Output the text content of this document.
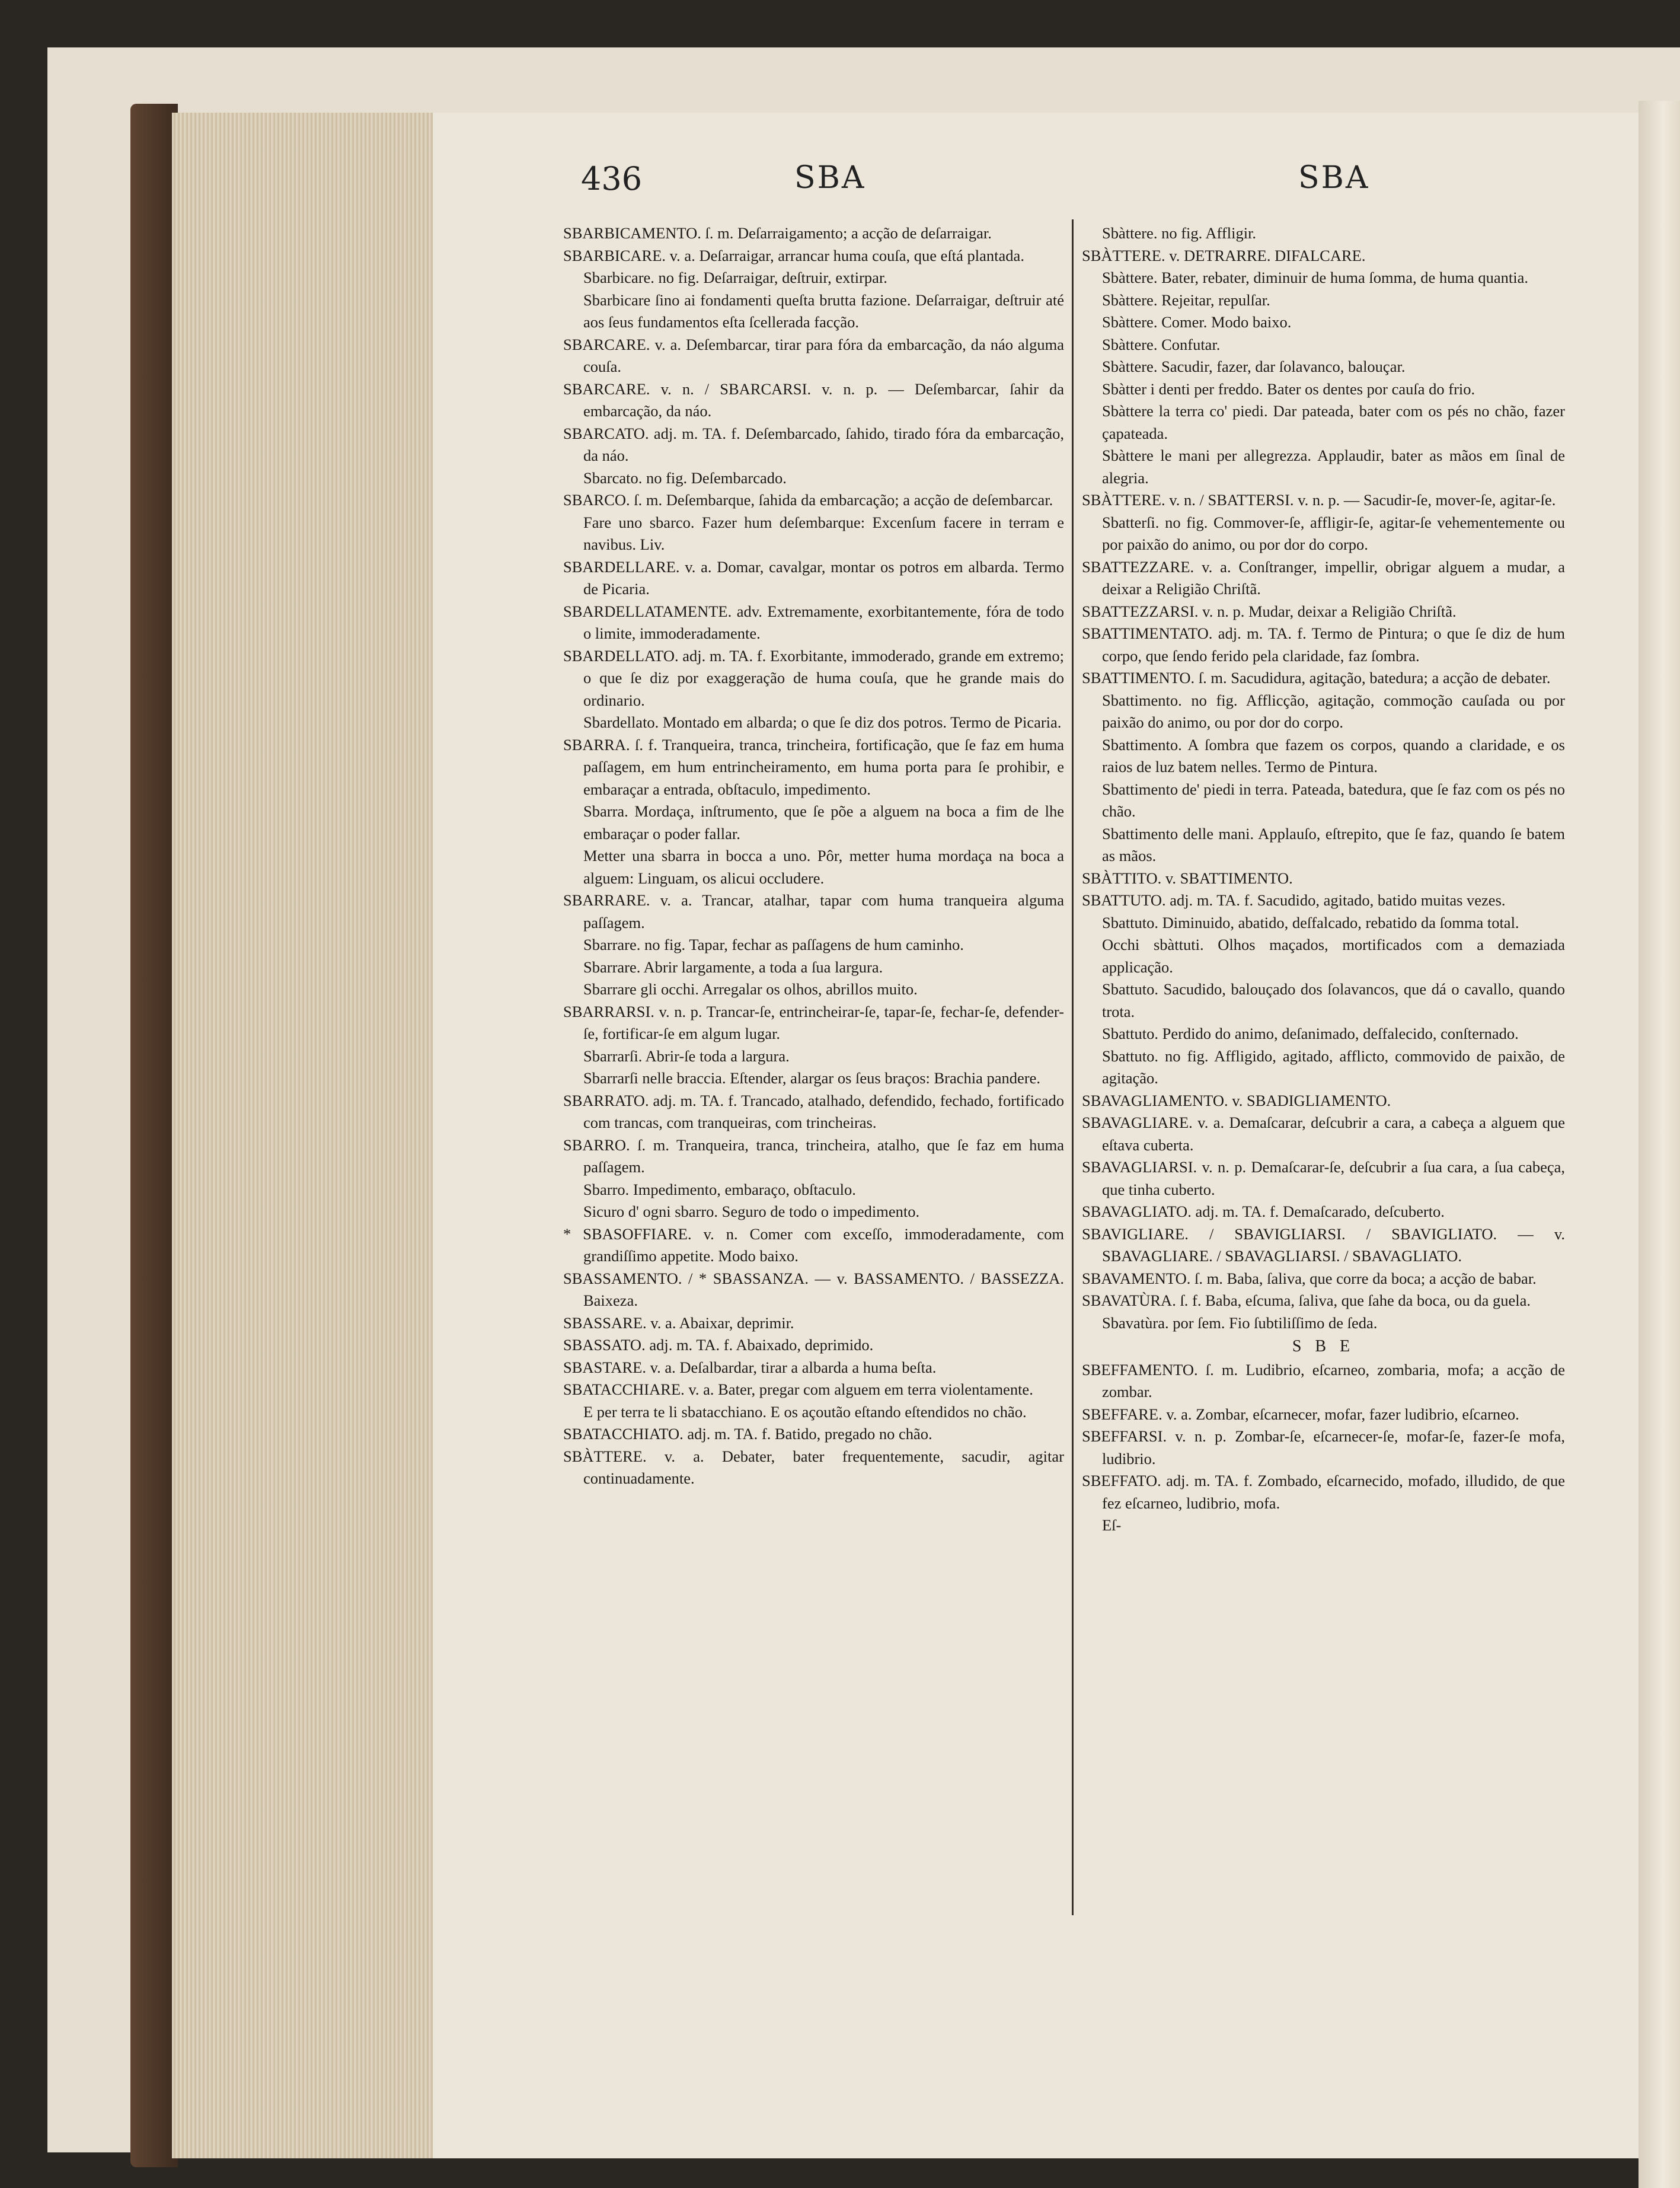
436	SBA	SBA

SBARBICAMENTO. ſ. m. Deſarraigamento; a acção de deſarraigar.

SBARBICARE. v. a. Deſarraigar, arrancar huma couſa, que eſtá plantada.

Sbarbicare. no fig. Deſarraigar, deſtruir, extirpar.

Sbarbicare ſino ai fondamenti queſta brutta fazione. Deſarraigar, deſtruir até aos ſeus fundamentos eſta ſcellerada facção.

SBARCARE. v. a. Deſembarcar, tirar para fóra da embarcação, da náo alguma couſa.

SBARCARE. v. n. / SBARCARSI. v. n. p. — Deſembarcar, ſahir da embarcação, da náo.

SBARCATO. adj. m. TA. f. Deſembarcado, ſahido, tirado fóra da embarcação, da náo.

Sbarcato. no fig. Deſembarcado.

SBARCO. ſ. m. Deſembarque, ſahida da embarcação; a acção de deſembarcar.

Fare uno sbarco. Fazer hum deſembarque: Excenſum facere in terram e navibus. Liv.

SBARDELLARE. v. a. Domar, cavalgar, montar os potros em albarda. Termo de Picaria.

SBARDELLATAMENTE. adv. Extremamente, exorbitantemente, fóra de todo o limite, immoderadamente.

SBARDELLATO. adj. m. TA. f. Exorbitante, immoderado, grande em extremo; o que ſe diz por exaggeração de huma couſa, que he grande mais do ordinario.

Sbardellato. Montado em albarda; o que ſe diz dos potros. Termo de Picaria.

SBARRA. ſ. f. Tranqueira, tranca, trincheira, fortificação, que ſe faz em huma paſſagem, em hum entrincheiramento, em huma porta para ſe prohibir, e embaraçar a entrada, obſtaculo, impedimento.

Sbarra. Mordaça, inſtrumento, que ſe põe a alguem na boca a fim de lhe embaraçar o poder fallar.

Metter una sbarra in bocca a uno. Pôr, metter huma mordaça na boca a alguem: Linguam, os alicui occludere.

SBARRARE. v. a. Trancar, atalhar, tapar com huma tranqueira alguma paſſagem.

Sbarrare. no fig. Tapar, fechar as paſſagens de hum caminho.

Sbarrare. Abrir largamente, a toda a ſua largura.

Sbarrare gli occhi. Arregalar os olhos, abrillos muito.

SBARRARSI. v. n. p. Trancar-ſe, entrincheirar-ſe, tapar-ſe, fechar-ſe, defender-ſe, fortificar-ſe em algum lugar.

Sbarrarſi. Abrir-ſe toda a largura.

Sbarrarſi nelle braccia. Eſtender, alargar os ſeus braços: Brachia pandere.

SBARRATO. adj. m. TA. f. Trancado, atalhado, defendido, fechado, fortificado com trancas, com tranqueiras, com trincheiras.

SBARRO. ſ. m. Tranqueira, tranca, trincheira, atalho, que ſe faz em huma paſſagem.

Sbarro. Impedimento, embaraço, obſtaculo.

Sicuro d' ogni sbarro. Seguro de todo o impedimento.

* SBASOFFIARE. v. n. Comer com exceſſo, immoderadamente, com grandiſſimo appetite. Modo baixo.

SBASSAMENTO. / * SBASSANZA. — v. BASSAMENTO. / BASSEZZA. Baixeza.

SBASSARE. v. a. Abaixar, deprimir.

SBASSATO. adj. m. TA. f. Abaixado, deprimido.

SBASTARE. v. a. Deſalbardar, tirar a albarda a huma beſta.

SBATACCHIARE. v. a. Bater, pregar com alguem em terra violentamente.

E per terra te li sbatacchiano. E os açoutão eſtando eſtendidos no chão.

SBATACCHIATO. adj. m. TA. f. Batido, pregado no chão.

SBÀTTERE. v. a. Debater, bater frequentemente, sacudir, agitar continuadamente.

Sbàttere. no fig. Affligir.

SBÀTTERE. v. DETRARRE. DIFALCARE.

Sbàttere. Bater, rebater, diminuir de huma ſomma, de huma quantia.

Sbàttere. Rejeitar, repulſar.

Sbàttere. Comer. Modo baixo.

Sbàttere. Confutar.

Sbàttere. Sacudir, fazer, dar ſolavanco, balouçar.

Sbàtter i denti per freddo. Bater os dentes por cauſa do frio.

Sbàttere la terra co' piedi. Dar pateada, bater com os pés no chão, fazer çapateada.

Sbàttere le mani per allegrezza. Applaudir, bater as mãos em ſinal de alegria.

SBÀTTERE. v. n. / SBATTERSI. v. n. p. — Sacudir-ſe, mover-ſe, agitar-ſe.

Sbatterſi. no fig. Commover-ſe, affligir-ſe, agitar-ſe vehementemente ou por paixão do animo, ou por dor do corpo.

SBATTEZZARE. v. a. Conſtranger, impellir, obrigar alguem a mudar, a deixar a Religião Chriſtã.

SBATTEZZARSI. v. n. p. Mudar, deixar a Religião Chriſtã.

SBATTIMENTATO. adj. m. TA. f. Termo de Pintura; o que ſe diz de hum corpo, que ſendo ferido pela claridade, faz ſombra.

SBATTIMENTO. ſ. m. Sacudidura, agitação, batedura; a acção de debater.

Sbattimento. no fig. Afflicção, agitação, commoção cauſada ou por paixão do animo, ou por dor do corpo.

Sbattimento. A ſombra que fazem os corpos, quando a claridade, e os raios de luz batem nelles. Termo de Pintura.

Sbattimento de' piedi in terra. Pateada, batedura, que ſe faz com os pés no chão.

Sbattimento delle mani. Applauſo, eſtrepito, que ſe faz, quando ſe batem as mãos.

SBÀTTITO. v. SBATTIMENTO.

SBATTUTO. adj. m. TA. f. Sacudido, agitado, batido muitas vezes.

Sbattuto. Diminuido, abatido, deſfalcado, rebatido da ſomma total.

Occhi sbàttuti. Olhos maçados, mortificados com a demaziada applicação.

Sbattuto. Sacudido, balouçado dos ſolavancos, que dá o cavallo, quando trota.

Sbattuto. Perdido do animo, deſanimado, deſfalecido, conſternado.

Sbattuto. no fig. Affligido, agitado, afflicto, commovido de paixão, de agitação.

SBAVAGLIAMENTO. v. SBADIGLIAMENTO.

SBAVAGLIARE. v. a. Demaſcarar, deſcubrir a cara, a cabeça a alguem que eſtava cuberta.

SBAVAGLIARSI. v. n. p. Demaſcarar-ſe, deſcubrir a ſua cara, a ſua cabeça, que tinha cuberto.

SBAVAGLIATO. adj. m. TA. f. Demaſcarado, deſcuberto.

SBAVIGLIARE. / SBAVIGLIARSI. / SBAVIGLIATO. — v. SBAVAGLIARE. / SBAVAGLIARSI. / SBAVAGLIATO.

SBAVAMENTO. ſ. m. Baba, ſaliva, que corre da boca; a acção de babar.

SBAVATÙRA. ſ. f. Baba, eſcuma, ſaliva, que ſahe da boca, ou da guela.

Sbavatùra. por ſem. Fio ſubtiliſſimo de ſeda.

S B E

SBEFFAMENTO. ſ. m. Ludibrio, eſcarneo, zombaria, mofa; a acção de zombar.

SBEFFARE. v. a. Zombar, eſcarnecer, mofar, fazer ludibrio, eſcarneo.

SBEFFARSI. v. n. p. Zombar-ſe, eſcarnecer-ſe, mofar-ſe, fazer-ſe mofa, ludibrio.

SBEFFATO. adj. m. TA. f. Zombado, eſcarnecido, mofado, illudido, de que fez eſcarneo, ludibrio, mofa.

Eſ-
